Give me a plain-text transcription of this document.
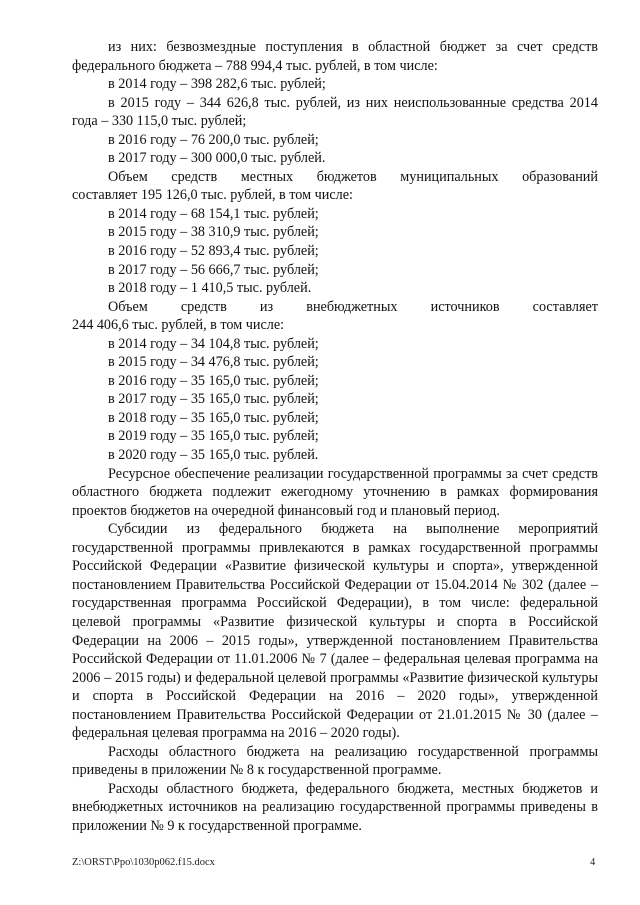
из них: безвозмездные поступления в областной бюджет за счет средств федерального бюджета – 788 994,4 тыс. рублей, в том числе:

в 2014 году – 398 282,6 тыс. рублей;

в 2015 году – 344 626,8 тыс. рублей, из них неиспользованные средства 2014 года – 330 115,0 тыс. рублей;

в 2016 году – 76 200,0 тыс. рублей;

в 2017 году – 300 000,0 тыс. рублей.

Объем средств местных бюджетов муниципальных образований

составляет 195 126,0 тыс. рублей, в том числе:

в 2014 году – 68 154,1 тыс. рублей;

в 2015 году – 38 310,9 тыс. рублей;

в 2016 году – 52 893,4 тыс. рублей;

в 2017 году – 56 666,7 тыс. рублей;

в 2018 году – 1 410,5 тыс. рублей.

Объем средств из внебюджетных источников составляет

244 406,6 тыс. рублей, в том числе:

в 2014 году – 34 104,8 тыс. рублей;

в 2015 году – 34 476,8 тыс. рублей;

в 2016 году – 35 165,0 тыс. рублей;

в 2017 году – 35 165,0 тыс. рублей;

в 2018 году – 35 165,0 тыс. рублей;

в 2019 году – 35 165,0 тыс. рублей;

в 2020 году – 35 165,0 тыс. рублей.

Ресурсное обеспечение реализации государственной программы за счет средств областного бюджета подлежит ежегодному уточнению в рамках формирования проектов бюджетов на очередной финансовый год и плановый период.

Субсидии из федерального бюджета на выполнение мероприятий государственной программы привлекаются в рамках государственной программы Российской Федерации «Развитие физической культуры и спорта», утвержденной постановлением Правительства Российской Федерации от 15.04.2014 № 302 (далее – государственная программа Российской Федерации), в том числе: федеральной целевой программы «Развитие физической культуры и спорта в Российской Федерации на 2006 – 2015 годы», утвержденной постановлением Правительства Российской Федерации от 11.01.2006 № 7 (далее – федеральная целевая программа на 2006 – 2015 годы) и федеральной целевой программы «Развитие физической культуры и спорта в Российской Федерации на 2016 – 2020 годы», утвержденной постановлением Правительства Российской Федерации от 21.01.2015 № 30 (далее – федеральная целевая программа на 2016 – 2020 годы).

Расходы областного бюджета на реализацию государственной программы приведены в приложении № 8 к государственной программе.

Расходы областного бюджета, федерального бюджета, местных бюджетов и внебюджетных источников на реализацию государственной программы приведены в приложении № 9 к государственной программе.

Z:\ORST\Ppo\1030p062.f15.docx	4
